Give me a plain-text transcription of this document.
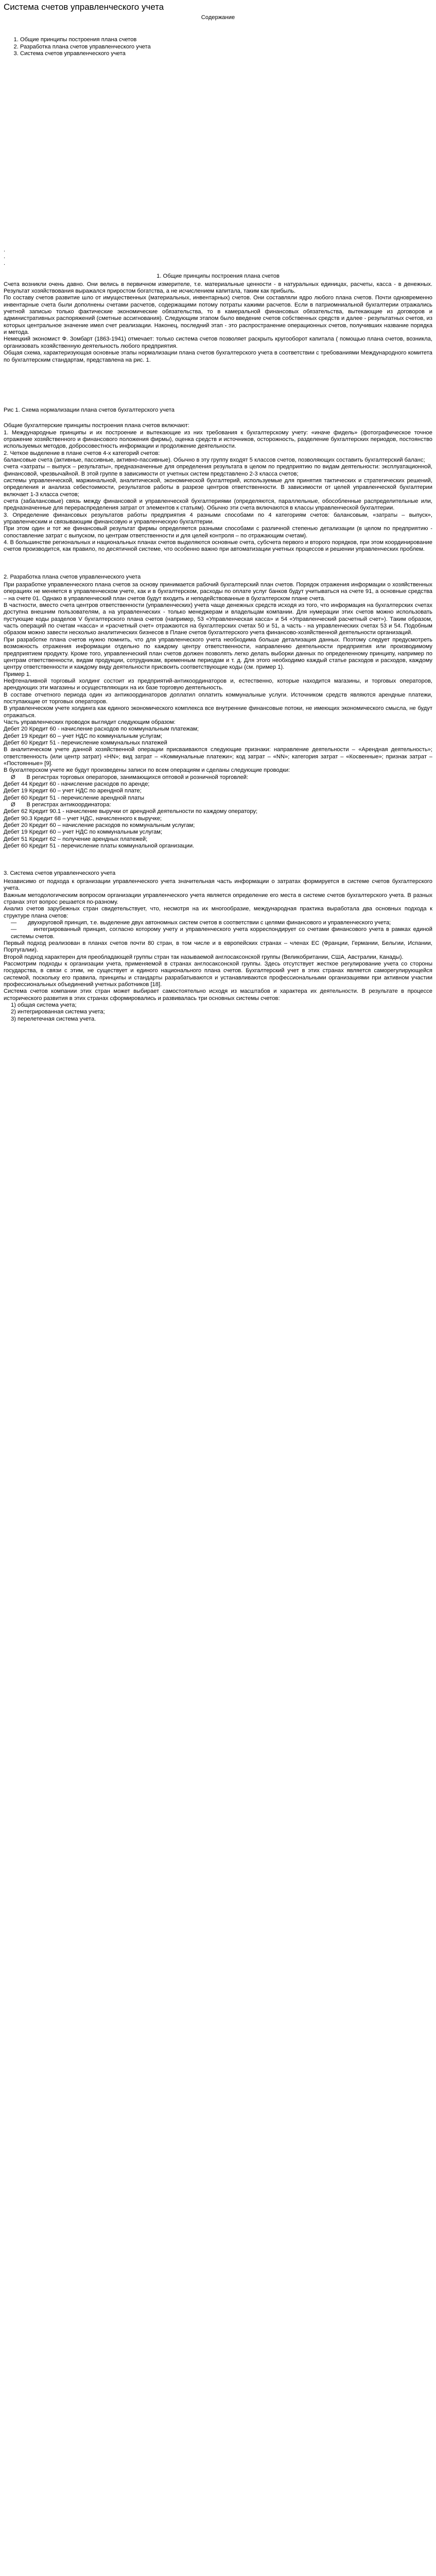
Система счетов управленческого учета
Содержание
1. Общие принципы построения плана счетов
2. Разработка плана счетов управленческого учета
3. Система счетов управленческого учета
.
.
.
1. Общие принципы построения плана счетов

Счета возникли очень давно. Они велись в первичном измерителе, т.е. материальные ценности - в натуральных единицах, расчеты, касса - в денежных. Результат хозяйствования выражался приростом богатства, а не исчислением капитала, таким как прибыль.

По составу счетов развитие шло от имущественных (материальных, инвентарных) счетов. Они составляли ядро любого плана счетов. Почти одновременно инвентарные счета были дополнены счетами расчетов, содержащими потому потраты кажими расчетов. Если в патриомниальной бухгалтерии отражались учетной записью только фактические экономические обязательства, то в камеральной финансовых обязательства, вытекающие из договоров и административных распоряжений (сметные ассигнования). Следующим этапом было введение счетов собственных средств и далее - результатных счетов, из которых центральное значение имел счет реализации. Наконец, последний этап - это распространение операционных счетов, получивших название порядка и метода.

Немецкий экономист Ф. Зомбарт (1863-1941) отмечает: только система счетов позволяет раскрыть кругооборот капитала ( помощью плана счетов, возникла, организовать хозяйственную деятельность любого предприятия.

Общая схема, характеризующая основные этапы нормализации плана счетов бухгалтерского учета в соответствии с требованиями Международного комитета по бухгалтерским стандартам, представлена на рис. 1.

Рис 1. Схема нормализации плана счетов бухгалтерского учета

Общие бухгалтерские принципы построения плана счетов включают:

1. Международные принципы и их построение и вытекающие из них требования к бухгалтерскому учету: «иначе фидель» (фотографическое точное отражение хозяйственного и финансового положения фирмы), оценка средств и источников, осторожность, разделение бухгалтерских периодов, постоянство используемых методов, добросовестность информации и продолжение деятельности.

2. Четкое выделение в плане счетов 4-х категорий счетов:

балансовые счета (активные, пассивные, активно-пассивные). Обычно в эту группу входят 5 классов счетов, позволяющих составить бухгалтерский баланс;

счета «затраты – выпуск – результаты», предназначенные для определения результата в целом по предприятию по видам деятельности: эксплуатационной, финансовой, чрезвычайной. В этой группе в зависимости от учетных систем представлено 2-3 класса счетов;

системы управленческой, маржинальной, аналитической, экономической бухгалтерий, используемые для принятия тактических и стратегических решений, определения и анализа себестоимости, результатов работы в разрезе центров ответственности. В зависимости от целей управленческой бухгалтерии включает 1-3 класса счетов;

счета (забалансовые) связь между финансовой и управленческой бухгалтериями (определяются, параллельные, обособленные распределительные или, предназначенные для перераспределения затрат от элементов к статьям). Обычно эти счета включаются в классы управленческой бухгалтерии.

3. Определение финансовых результатов работы предприятия 4 разными способами по 4 категориям счетов: балансовым, «затраты – выпуск», управленческим и связывающим финансовую и управленческую бухгалтерии.

При этом один и тот же финансовый результат фирмы определяется разными способами с различной степенью детализации (в целом по предприятию - сопоставление затрат с выпуском, по центрам ответственности и для целей контроля – по отражающим счетам).

4. В большинстве региональных и национальных планах счетов выделяются основные счета, субсчета первого и второго порядков, при этом координирование счетов производится, как правило, по десятичной системе, что особенно важно при автоматизации учетных процессов и решении управленческих проблем.

2. Разработка плана счетов управленческого учета

При разработке управленческого плана счетов за основу принимается рабочий бухгалтерский план счетов. Порядок отражения информации о хозяйственных операциях не меняется в управленческом учете, как и в бухгалтерском, расходы по оплате услуг банков будут учитываться на счете 91, а основные средства – на счете 01. Однако в управленческий план счетов будут входить и неподействованные в бухгалтерском плане счета.

В частности, вместо счета центров ответственности (управленческих) учета чаще денежных средств исходя из того, что информация на бухгалтерских счетах доступна внешним пользователям, а на управленческих - только менеджерам и владельцам компании. Для нумерации этих счетов можно использовать пустующие коды разделов V бухгалтерского плана счетов (например, 53 «Управленческая касса» и 54 «Управленческий расчетный счет»). Таким образом, часть операций по счетам «касса» и «расчетный счет» отражаются на бухгалтерских счетах 50 и 51, а часть - на управленческих счетах 53 и 54. Подобным образом можно завести несколько аналитических бизнесов в Плане счетов бухгалтерского учета финансово-хозяйственной деятельности организаций.

При разработке плана счетов нужно помнить, что для управленческого учета необходима больше детализация данных. Поэтому следует предусмотреть возможность отражения информации отдельно по каждому центру ответственности, направлению деятельности предприятия или производимому предприятием продукту. Кроме того, управленческий план счетов должен позволять легко делать выборки данных по определенному принципу, например по центрам ответственности, видам продукции, сотрудникам, временным периодам и т. д. Для этого необходимо каждый статье расходов и расходов, каждому центру ответственности и каждому виду деятельности присвоить соответствующие коды (см. пример 1).

Пример 1.

Нефтеналивной торговый холдинг состоит из предприятий-антикоординаторов и, естественно, которые находится магазины, и торговых операторов, арендующих эти магазины и осуществляющих на их базе торговую деятельность.

В составе отчетного периода один из антикоординаторов доплатил оплатить коммунальные услуги. Источником средств являются арендные платежи, поступающие от торговых операторов.

В управленческом учете холдинга как единого экономического комплекса все внутренние финансовые потоки, не имеющих экономического смысла, не будут отражаться.

Часть управленческих проводок выглядит следующим образом:

Дебет 20 Кредит 60 - начисление расходов по коммунальным платежам;

Дебет 19 Кредит 60 – учет НДС по коммунальным услугам;

Дебет 60 Кредит 51 - перечисление коммунальных платежей

В аналитическом учете данной хозяйственной операции присваиваются следующие признаки: направление деятельности – «Арендная деятельность»; ответственность (или центр затрат) «НN»; вид затрат – «Коммунальные платежи»; код затрат – «NN»; категория затрат – «Косвенные»; признак затрат – «Постоянные» [9].

В бухгалтерском учете же будут произведены записи по всем операциям и сделаны следующие проводки:

Ø       В регистрах торговых операторов, занимающихся оптовой и розничной торговлей:

Дебет 44 Кредит 60 - начисление расходов по аренде;

Дебет 19 Кредит 60 – учет НДС по арендной плате;

Дебет 60 Кредит 51 - перечисление арендной платы

Ø       В регистрах антикоординатора:

Дебет 62 Кредит 90.1 - начисление выручки от арендной деятельности по каждому оператору;

Дебет 90.3 Кредит 68 – учет НДС, начисленного к выручке;

Дебет 20 Кредит 60 – начисление расходов по коммунальным услугам;

Дебет 19 Кредит 60 – учет НДС по коммунальным услугам;

Дебет 51 Кредит 62 – получение арендных платежей;

Дебет 60 Кредит 51 - перечисление платы коммунальной организации.

3. Система счетов управленческого учета

Независимо от подхода к организации управленческого учета значительная часть информации о затратах формируется в системе счетов бухгалтерского учета.

Важным методологическим вопросом организации управленческого учета является определение его места в системе счетов бухгалтерского учета. В разных странах этот вопрос решается по-разному.

Анализ счетов зарубежных стран свидетельствует, что, несмотря на их многообразие, международная практика выработала два основных подхода к структуре плана счетов:

—       двухкруговой принцип, т.е. выделение двух автономных систем счетов в соответствии с целями финансового и управленческого учета;

—       интегрированный принцип, согласно которому учету и управленческого учета корреспондирует со счетами финансового учета в рамках единой системы счетов.

Первый подход реализован в планах счетов почти 80 стран, в том числе и в европейских странах – членах ЕС (Франции, Германии, Бельгии, Испании, Португалии).

Второй подход характерен для преобладающей группы стран так называемой англосаксонской группы (Великобритании, США, Австралии, Канады).

Рассмотрим подходы к организации учета, применяемой в странах англосаксонской группы. Здесь отсутствует жесткое регулирование учета со стороны государства, в связи с этим, не существует и единого национального плана счетов. Бухгалтерский учет в этих странах является саморегулирующейся системой, поскольку его правила, принципы и стандарты разрабатываются и устанавливаются профессиональными организациями при активном участии профессиональных объединений учетных работников [18].

Система счетов компании этих стран может выбирает самостоятельно исходя из масштабов и характера их деятельности. В результате в процессе исторического развития в этих странах сформировались и развивалась три основных системы счетов:

1) общая система учета;

2) интегрированная система учета;

3) перелетечная система учета.
